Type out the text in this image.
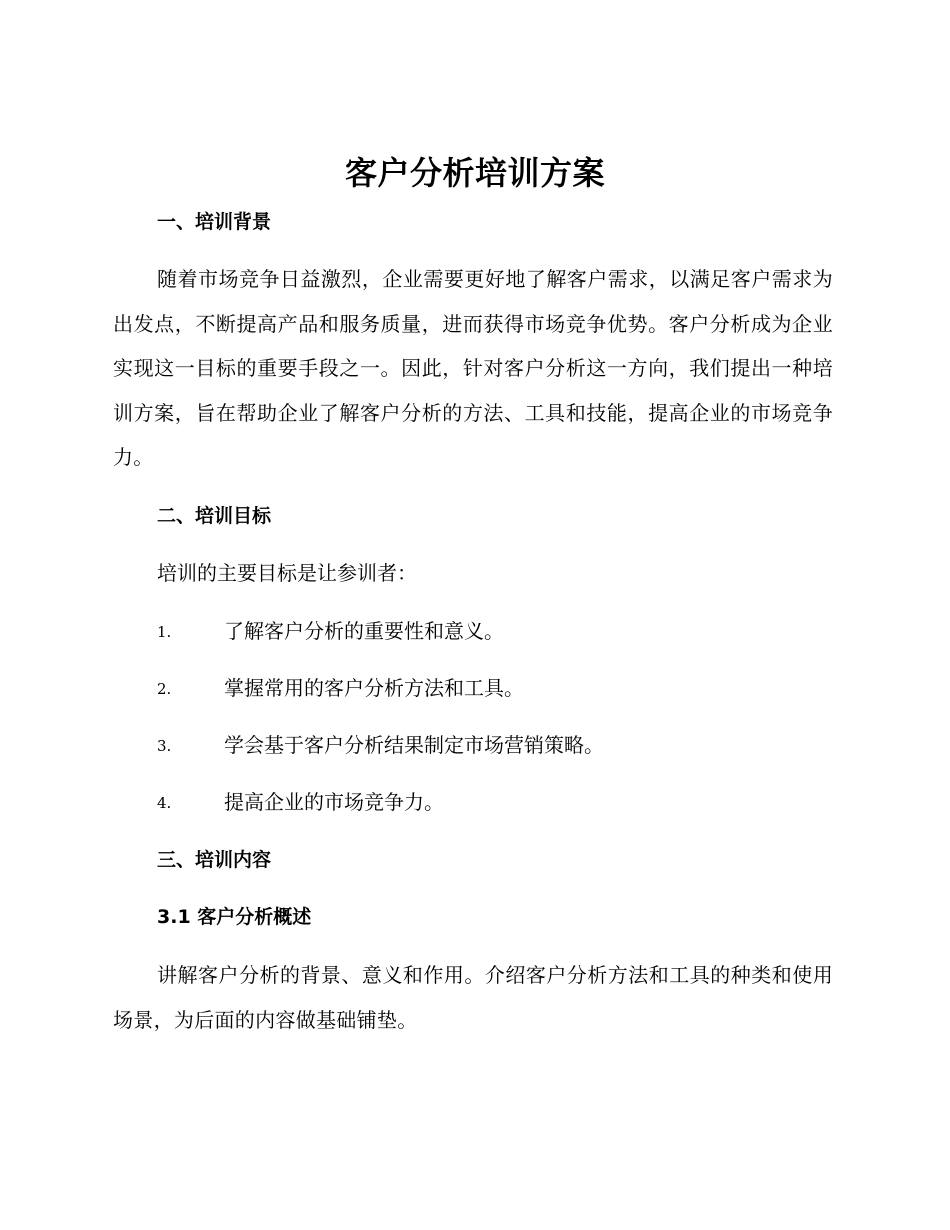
客户分析培训方案
一、培训背景
随着市场竞争日益激烈，企业需要更好地了解客户需求，以满足客户需求为出发点，不断提高产品和服务质量，进而获得市场竞争优势。客户分析成为企业实现这一目标的重要手段之一。因此，针对客户分析这一方向，我们提出一种培训方案，旨在帮助企业了解客户分析的方法、工具和技能，提高企业的市场竞争力。
二、培训目标
培训的主要目标是让参训者：
1.	了解客户分析的重要性和意义。
2.	掌握常用的客户分析方法和工具。
3.	学会基于客户分析结果制定市场营销策略。
4.	提高企业的市场竞争力。
三、培训内容
3.1 客户分析概述
讲解客户分析的背景、意义和作用。介绍客户分析方法和工具的种类和使用场景，为后面的内容做基础铺垫。
